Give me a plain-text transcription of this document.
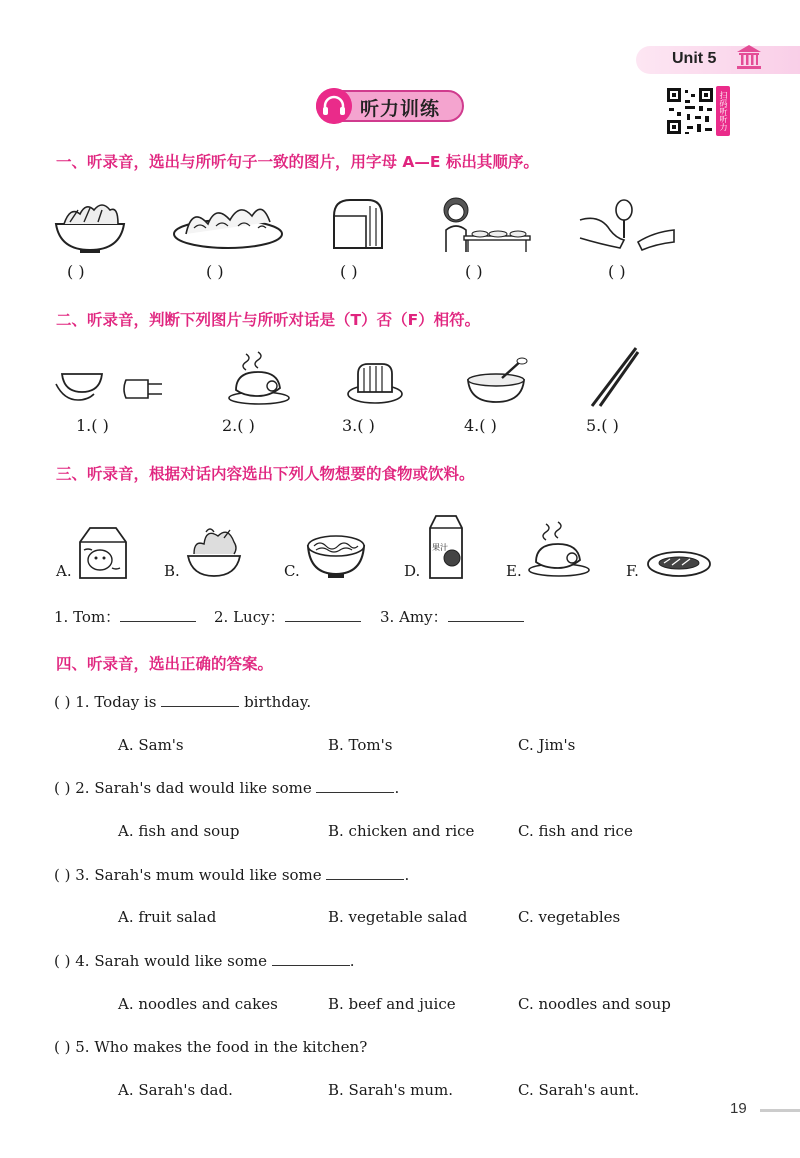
Unit 5
听力训练	扫码听听力
一、听录音，选出与所听句子一致的图片，用字母 A—E 标出其顺序。
( )	( )	( )	( )	( )
二、听录音，判断下列图片与所听对话是（T）否（F）相符。
1.( )	2.( )	3.( )	4.( )	5.( )
三、听录音，根据对话内容选出下列人物想要的食物或饮料。
A.	B.	C.	D.
果汁
E.	F.
1. Tom：	2. Lucy：	3. Amy：
四、听录音，选出正确的答案。
( ) 1. Today is	birthday.
A. Sam's	B. Tom's	C. Jim's
( ) 2. Sarah's dad would like some	.
A. fish and soup	B. chicken and rice	C. fish and rice
( ) 3. Sarah's mum would like some	.
A. fruit salad	B. vegetable salad	C. vegetables
( ) 4. Sarah would like some	.
A. noodles and cakes	B. beef and juice	C. noodles and soup
( ) 5. Who makes the food in the kitchen?
A. Sarah's dad.	B. Sarah's mum.	C. Sarah's aunt.
19
